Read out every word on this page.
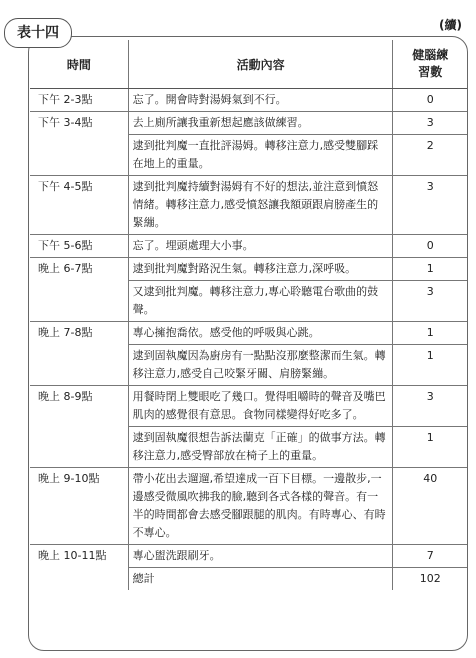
表十四	(續)
時間	活動內容	健腦練習數
下午 2-3點	忘了。開會時對湯姆氣到不行。	0
下午 3-4點	去上廁所讓我重新想起應該做練習。	3
	逮到批判魔一直批評湯姆。轉移注意力,感受雙腳踩在地上的重量。	2
下午 4-5點	逮到批判魔持續對湯姆有不好的想法,並注意到憤怒情緒。轉移注意力,感受憤怒讓我額頭跟肩膀產生的緊繃。	3
下午 5-6點	忘了。埋頭處理大小事。	0
晚上 6-7點	逮到批判魔對路況生氣。轉移注意力,深呼吸。	1
	又逮到批判魔。轉移注意力,專心聆聽電台歌曲的鼓聲。	3
晚上 7-8點	專心擁抱喬依。感受他的呼吸與心跳。	1
	逮到固執魔因為廚房有一點點沒那麼整潔而生氣。轉移注意力,感受自己咬緊牙關、肩膀緊繃。	1
晚上 8-9點	用餐時閉上雙眼吃了幾口。覺得咀嚼時的聲音及嘴巴肌肉的感覺很有意思。食物同樣變得好吃多了。	3
	逮到固執魔很想告訴法蘭克「正確」的做事方法。轉移注意力,感受臀部放在椅子上的重量。	1
晚上 9-10點	帶小花出去遛遛,希望達成一百下目標。一邊散步,一邊感受微風吹拂我的臉,聽到各式各樣的聲音。有一半的時間都會去感受腳跟腿的肌肉。有時專心、有時不專心。	40
晚上 10-11點	專心盥洗跟刷牙。	7
	總計	102
